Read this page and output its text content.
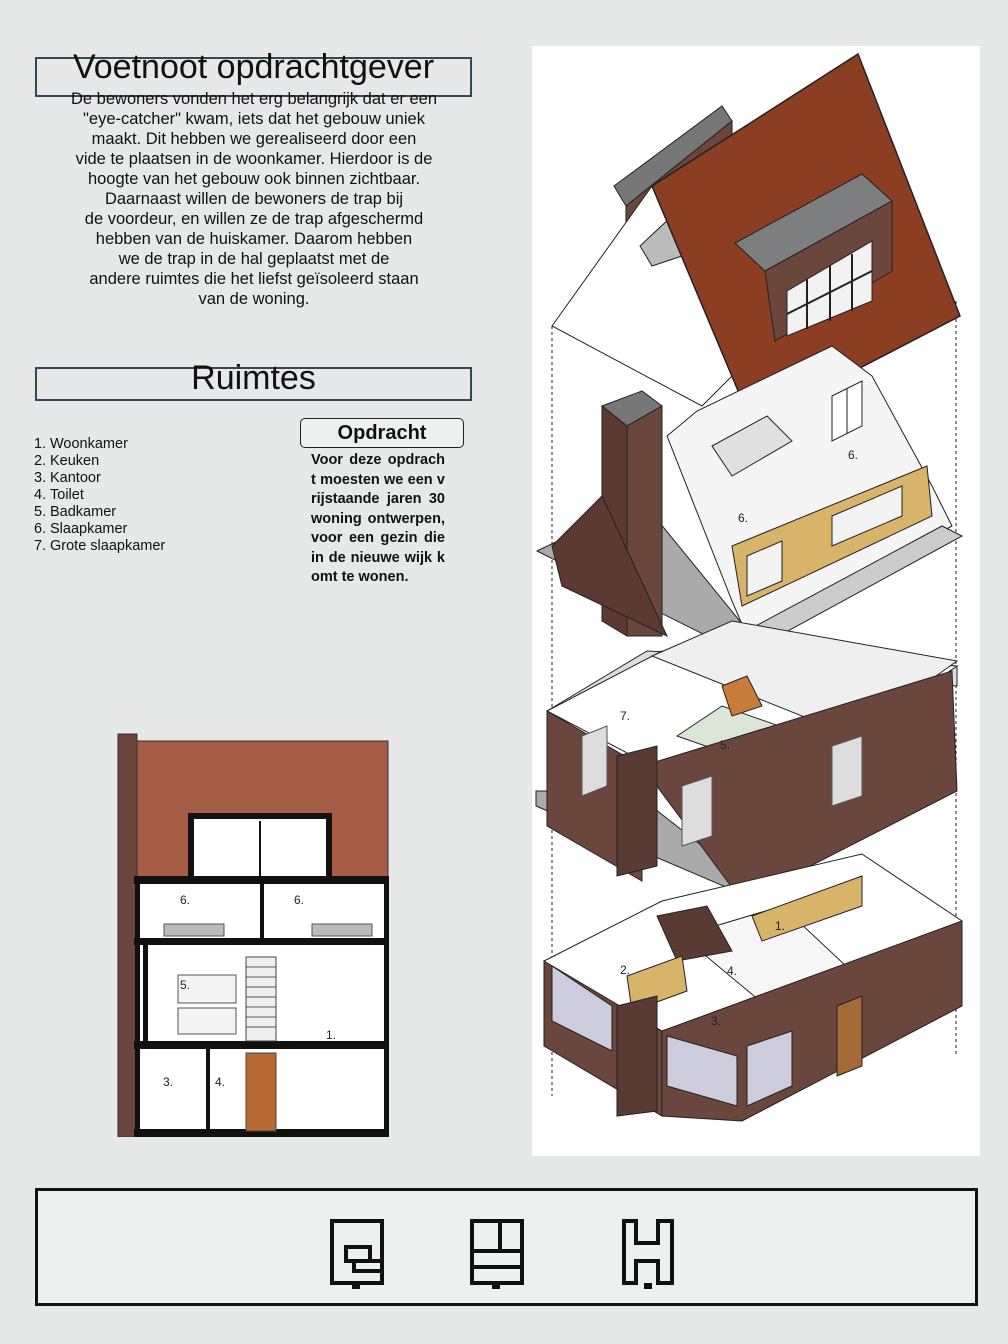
Voetnoot opdrachtgever
De bewoners vonden het erg belangrijk dat er een
"eye-catcher" kwam, iets dat het gebouw uniek
maakt. Dit hebben we gerealiseerd door een
vide te plaatsen in de woonkamer. Hierdoor is de
hoogte van het gebouw ook binnen zichtbaar.
Daarnaast willen de bewoners de trap bij
de voordeur, en willen ze de trap afgeschermd
hebben van de huiskamer. Daarom hebben
we de trap in de hal geplaatst met de
andere ruimtes die het liefst geïsoleerd staan
van de woning.
Ruimtes
1. Woonkamer
2. Keuken
3. Kantoor
4. Toilet
5. Badkamer
6. Slaapkamer
7. Grote slaapkamer
Opdracht

Voor deze opdracht moesten we een vrijstaande jaren 30 woning ontwerpen, voor een gezin die in de nieuwe wijk komt te wonen.

6.
6.
7.
5.
1.
2.	4.
3.
6.	6.
5.
1.
3.	4.
